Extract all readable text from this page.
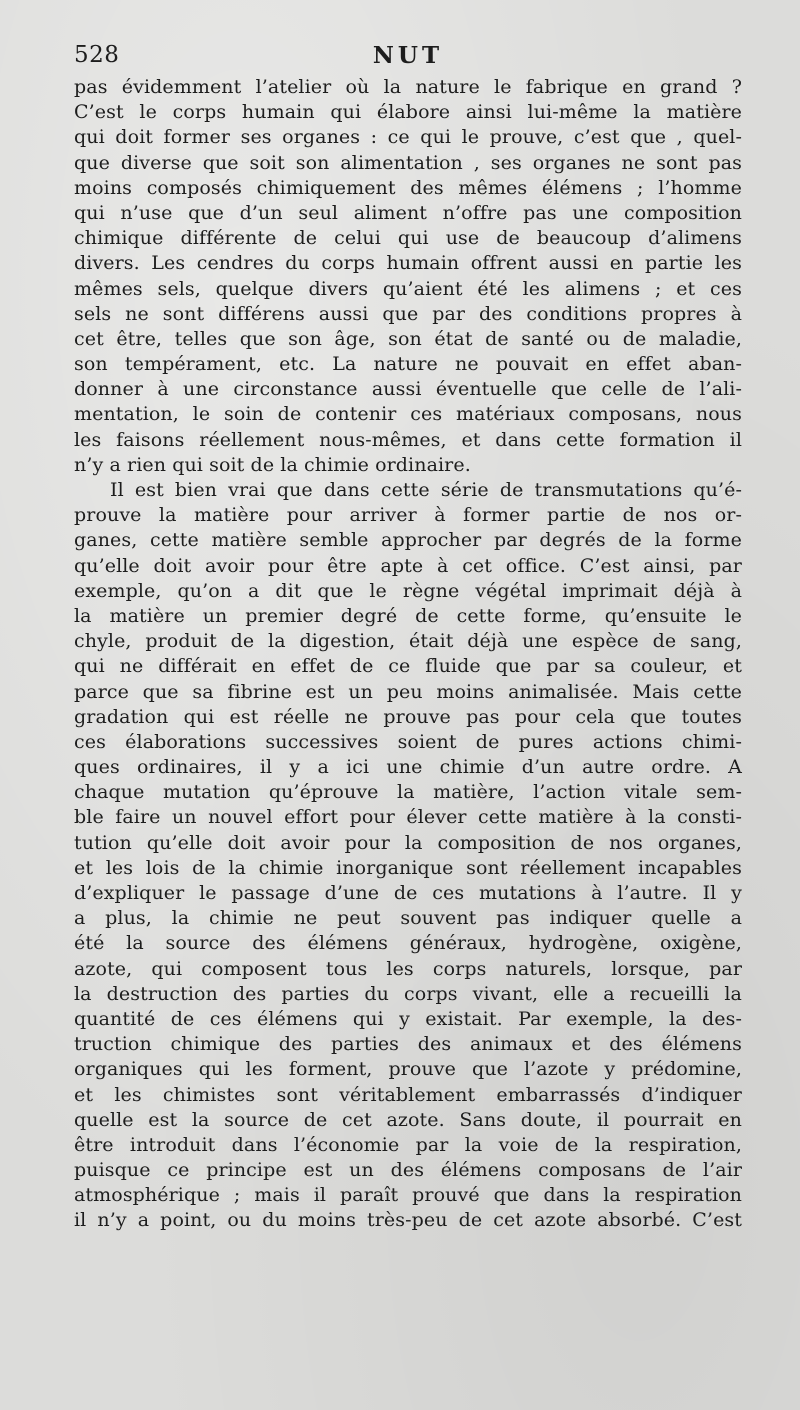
528	NUT
pas évidemment l’atelier où la nature le fabrique en grand ?
C’est le corps humain qui élabore ainsi lui-même la matière
qui doit former ses organes : ce qui le prouve, c’est que , quel-
que diverse que soit son alimentation , ses organes ne sont pas
moins composés chimiquement des mêmes élémens ; l’homme
qui n’use que d’un seul aliment n’offre pas une composition
chimique différente de celui qui use de beaucoup d’alimens
divers. Les cendres du corps humain offrent aussi en partie les
mêmes sels, quelque divers qu’aient été les alimens ; et ces
sels ne sont différens aussi que par des conditions propres à
cet être, telles que son âge, son état de santé ou de maladie,
son tempérament, etc. La nature ne pouvait en effet aban-
donner à une circonstance aussi éventuelle que celle de l’ali-
mentation, le soin de contenir ces matériaux composans, nous
les faisons réellement nous-mêmes, et dans cette formation il
n’y a rien qui soit de la chimie ordinaire.
Il est bien vrai que dans cette série de transmutations qu’é-
prouve la matière pour arriver à former partie de nos or-
ganes, cette matière semble approcher par degrés de la forme
qu’elle doit avoir pour être apte à cet office. C’est ainsi, par
exemple, qu’on a dit que le règne végétal imprimait déjà à
la matière un premier degré de cette forme, qu’ensuite le
chyle, produit de la digestion, était déjà une espèce de sang,
qui ne différait en effet de ce fluide que par sa couleur, et
parce que sa fibrine est un peu moins animalisée. Mais cette
gradation qui est réelle ne prouve pas pour cela que toutes
ces élaborations successives soient de pures actions chimi-
ques ordinaires, il y a ici une chimie d’un autre ordre. A
chaque mutation qu’éprouve la matière, l’action vitale sem-
ble faire un nouvel effort pour élever cette matière à la consti-
tution qu’elle doit avoir pour la composition de nos organes,
et les lois de la chimie inorganique sont réellement incapables
d’expliquer le passage d’une de ces mutations à l’autre. Il y
a plus, la chimie ne peut souvent pas indiquer quelle a
été la source des élémens généraux, hydrogène, oxigène,
azote, qui composent tous les corps naturels, lorsque, par
la destruction des parties du corps vivant, elle a recueilli la
quantité de ces élémens qui y existait. Par exemple, la des-
truction chimique des parties des animaux et des élémens
organiques qui les forment, prouve que l’azote y prédomine,
et les chimistes sont véritablement embarrassés d’indiquer
quelle est la source de cet azote. Sans doute, il pourrait en
être introduit dans l’économie par la voie de la respiration,
puisque ce principe est un des élémens composans de l’air
atmosphérique ; mais il paraît prouvé que dans la respiration
il n’y a point, ou du moins très-peu de cet azote absorbé. C’est
